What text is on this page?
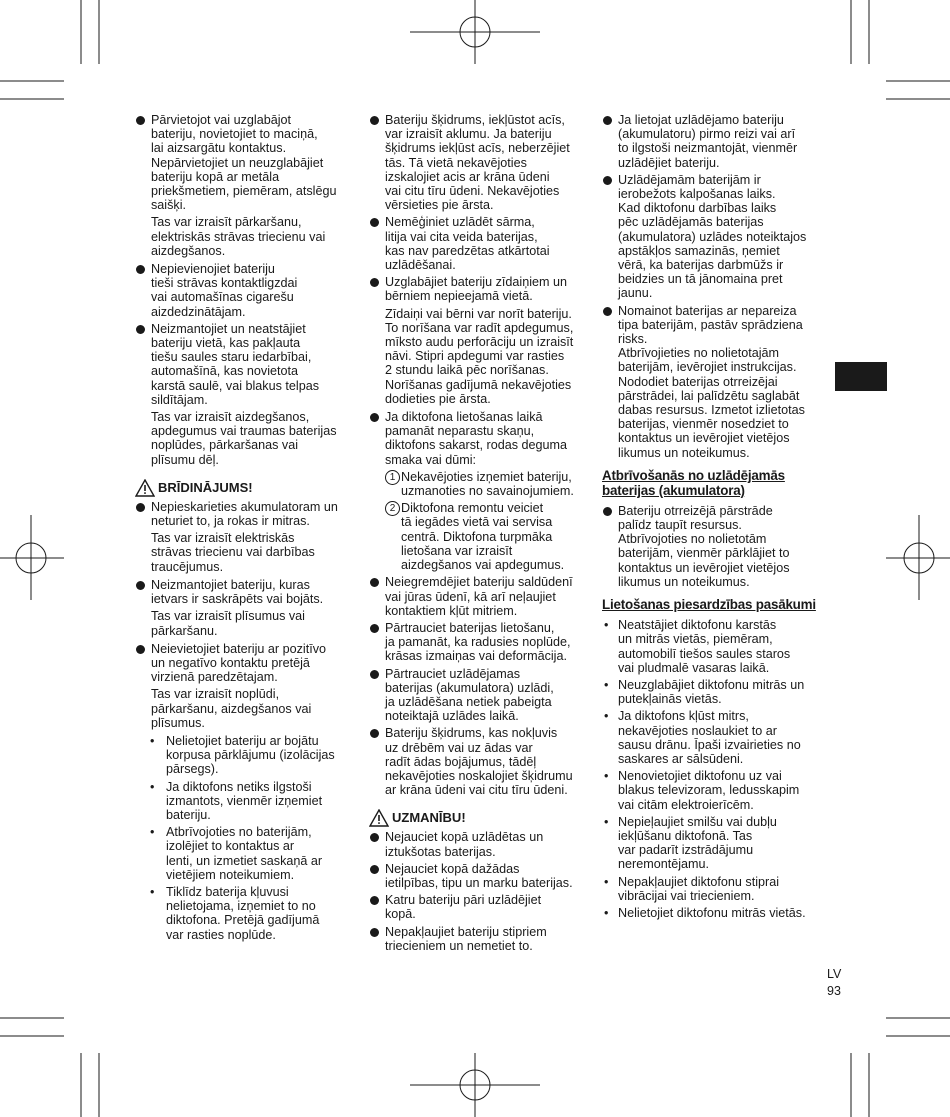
Pārvietojot vai uzglabājot
bateriju, novietojiet to maciņā,
lai aizsargātu kontaktus.
Nepārvietojiet un neuzglabājiet
bateriju kopā ar metāla
priekšmetiem, piemēram, atslēgu
saišķi.
Tas var izraisīt pārkaršanu,
elektriskās strāvas triecienu vai
aizdegšanos.
Nepievienojiet bateriju
tieši strāvas kontaktligzdai
vai automašīnas cigarešu
aizdedzinātājam.
Neizmantojiet un neatstājiet
bateriju vietā, kas pakļauta
tiešu saules staru iedarbībai,
automašīnā, kas novietota
karstā saulē, vai blakus telpas
sildītājam.
Tas var izraisīt aizdegšanos,
apdegumus vai traumas baterijas
noplūdes, pārkaršanas vai
plīsumu dēļ.
BRĪDINĀJUMS!
Nepieskarieties akumulatoram un
neturiet to, ja rokas ir mitras.
Tas var izraisīt elektriskās
strāvas triecienu vai darbības
traucējumus.
Neizmantojiet bateriju, kuras
ietvars ir saskrāpēts vai bojāts.
Tas var izraisīt plīsumus vai
pārkaršanu.
Neievietojiet bateriju ar pozitīvo
un negatīvo kontaktu pretējā
virzienā paredzētajam.
Tas var izraisīt noplūdi,
pārkaršanu, aizdegšanos vai
plīsumus.
• Nelietojiet bateriju ar bojātu
korpusa pārklājumu (izolācijas
pārsegs).
• Ja diktofons netiks ilgstoši
izmantots, vienmēr izņemiet
bateriju.
• Atbrīvojoties no baterijām,
izolējiet to kontaktus ar
lenti, un izmetiet saskaņā ar
vietējiem noteikumiem.
• Tiklīdz baterija kļuvusi
nelietojama, izņemiet to no
diktofona. Pretējā gadījumā
var rasties noplūde.
Bateriju šķidrums, iekļūstot acīs,
var izraisīt aklumu. Ja bateriju
šķidrums iekļūst acīs, neberzējiet
tās. Tā vietā nekavējoties
izskalojiet acis ar krāna ūdeni
vai citu tīru ūdeni. Nekavējoties
vērsieties pie ārsta.
Nemēģiniet uzlādēt sārma,
litija vai cita veida baterijas,
kas nav paredzētas atkārtotai
uzlādēšanai.
Uzglabājiet bateriju zīdaiņiem un
bērniem nepieejamā vietā.
Zīdaiņi vai bērni var norīt bateriju.
To norīšana var radīt apdegumus,
mīksto audu perforāciju un izraisīt
nāvi. Stipri apdegumi var rasties
2 stundu laikā pēc norīšanas.
Norīšanas gadījumā nekavējoties
dodieties pie ārsta.
Ja diktofona lietošanas laikā
pamanāt neparastu skaņu,
diktofons sakarst, rodas deguma
smaka vai dūmi:
1 Nekavējoties izņemiet bateriju,
uzmanoties no savainojumiem.
2 Diktofona remontu veiciet
tā iegādes vietā vai servisa
centrā. Diktofona turpmāka
lietošana var izraisīt
aizdegšanos vai apdegumus.
Neiegremdējiet bateriju saldūdenī
vai jūras ūdenī, kā arī neļaujiet
kontaktiem kļūt mitriem.
Pārtrauciet baterijas lietošanu,
ja pamanāt, ka radusies noplūde,
krāsas izmaiņas vai deformācija.
Pārtrauciet uzlādējamas
baterijas (akumulatora) uzlādi,
ja uzlādēšana netiek pabeigta
noteiktajā uzlādes laikā.
Bateriju šķidrums, kas nokļuvis
uz drēbēm vai uz ādas var
radīt ādas bojājumus, tādēļ
nekavējoties noskalojiet šķidrumu
ar krāna ūdeni vai citu tīru ūdeni.
UZMANĪBU!
Nejauciet kopā uzlādētas un
iztukšotas baterijas.
Nejauciet kopā dažādas
ietilpības, tipu un marku baterijas.
Katru bateriju pāri uzlādējiet
kopā.
Nepakļaujiet bateriju stipriem
triecieniem un nemetiet to.
Ja lietojat uzlādējamo bateriju
(akumulatoru) pirmo reizi vai arī
to ilgstoši neizmantojāt, vienmēr
uzlādējiet bateriju.
Uzlādējamām baterijām ir
ierobežots kalpošanas laiks.
Kad diktofonu darbības laiks
pēc uzlādējamās baterijas
(akumulatora) uzlādes noteiktajos
apstākļos samazinās, ņemiet
vērā, ka baterijas darbmūžs ir
beidzies un tā jānomaina pret
jaunu.
Nomainot baterijas ar nepareiza
tipa baterijām, pastāv sprādziena
risks.
Atbrīvojieties no nolietotajām
baterijām, ievērojiet instrukcijas.
Nododiet baterijas otrreizējai
pārstrādei, lai palīdzētu saglabāt
dabas resursus. Izmetot izlietotas
baterijas, vienmēr nosedziet to
kontaktus un ievērojiet vietējos
likumus un noteikumus.
Atbrīvošanās no uzlādējamās
baterijas (akumulatora)
Bateriju otrreizējā pārstrāde
palīdz taupīt resursus.
Atbrīvojoties no nolietotām
baterijām, vienmēr pārklājiet to
kontaktus un ievērojiet vietējos
likumus un noteikumus.
Lietošanas piesardzības pasākumi
• Neatstājiet diktofonu karstās
un mitrās vietās, piemēram,
automobilī tiešos saules staros
vai pludmalē vasaras laikā.
• Neuzglabājiet diktofonu mitrās un
putekļainās vietās.
• Ja diktofons kļūst mitrs,
nekavējoties noslaukiet to ar
sausu drānu. Īpaši izvairieties no
saskares ar sālsūdeni.
• Nenovietojiet diktofonu uz vai
blakus televizoram, ledusskapim
vai citām elektroierīcēm.
• Nepieļaujiet smilšu vai dubļu
iekļūšanu diktofonā. Tas
var padarīt izstrādājumu
neremontējamu.
• Nepakļaujiet diktofonu stiprai
vibrācijai vai triecieniem.
• Nelietojiet diktofonu mitrās vietās.
LV
93
